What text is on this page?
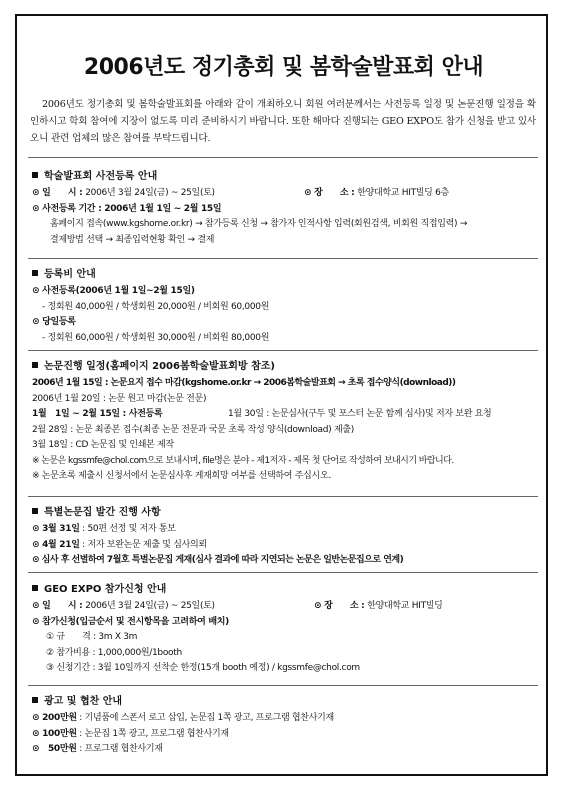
2006년도 정기총회 및 봄학술발표회 안내
2006년도 정기총회 및 봄학술발표회를 아래와 같이 개최하오니 회원 여러분께서는 사전등록 일정 및 논문진행 일정을 확인하시고 학회 참여에 지장이 없도록 미리 준비하시기 바랍니다. 또한 해마다 진행되는 GEO EXPO도 참가 신청을 받고 있사오니 관련 업체의 많은 참여를 부탁드립니다.
학술발표회 사전등록 안내
⊙ 일　　시 : 2006년 3월 24일(금) ~ 25일(토)	⊙ 장　　소 : 한양대학교 HIT빌딩 6층
⊙ 사전등록 기간 : 2006년 1월 1일 ~ 2월 15일
홈페이지 접속(www.kgshome.or.kr) → 참가등록 신청 → 참가자 인적사항 입력(회원검색, 비회원 직접입력) →
결제방법 선택 → 최종입력현황 확인 → 결제
등록비 안내
⊙ 사전등록(2006년 1월 1일~2월 15일)
- 정회원 40,000원 / 학생회원 20,000원 / 비회원 60,000원
⊙ 당일등록
- 정회원 60,000원 / 학생회원 30,000원 / 비회원 80,000원
논문진행 일정(홈페이지 2006봄학술발표회방 참조)
2006년 1월 15일 : 논문요지 접수 마감(kgshome.or.kr → 2006봄학술발표회 → 초록 접수양식(download))
2006년 1월 20일 : 논문 원고 마감(논문 전문)
1월　1일 ~ 2월 15일 : 사전등록	1월 30일 : 논문심사(구두 및 포스터 논문 함께 심사)및 저자 보완 요청
2월 28일 : 논문 최종본 접수(최종 논문 전문과 국문 초록 작성 양식(download) 제출)
3월 18일 : CD 논문집 및 인쇄본 제작
※ 논문은 kgssmfe@chol.com으로 보내시며, file명은 분야 - 제1저자 - 제목 첫 단어로 작성하여 보내시기 바랍니다.
※ 논문초록 제출시 신청서에서 논문심사후 게재희망 여부를 선택하여 주십시오.
특별논문집 발간 진행 사항
⊙ 3월 31일 : 50편 선정 및 저자 통보
⊙ 4월 21일 : 저자 보완논문 제출 및 심사의뢰
⊙ 심사 후 선별하여 7월호 특별논문집 게재(심사 결과에 따라 지연되는 논문은 일반논문집으로 연계)
GEO EXPO 참가신청 안내
⊙ 일　　시 : 2006년 3월 24일(금) ~ 25일(토)	⊙ 장　　소 : 한양대학교 HIT빌딩
⊙ 참가신청(입금순서 및 전시항목을 고려하여 배치)
① 규　　격 : 3m X 3m
② 참가비용 : 1,000,000원/1booth
③ 신청기간 : 3월 10일까지 선착순 한정(15개 booth 예정) / kgssmfe@chol.com
광고 및 협찬 안내
⊙ 200만원 : 기념품에 스폰서 로고 삽입, 논문집 1쪽 광고, 프로그램 협찬사기재
⊙ 100만원 : 논문집 1쪽 광고, 프로그램 협찬사기재
⊙　50만원 : 프로그램 협찬사기재
